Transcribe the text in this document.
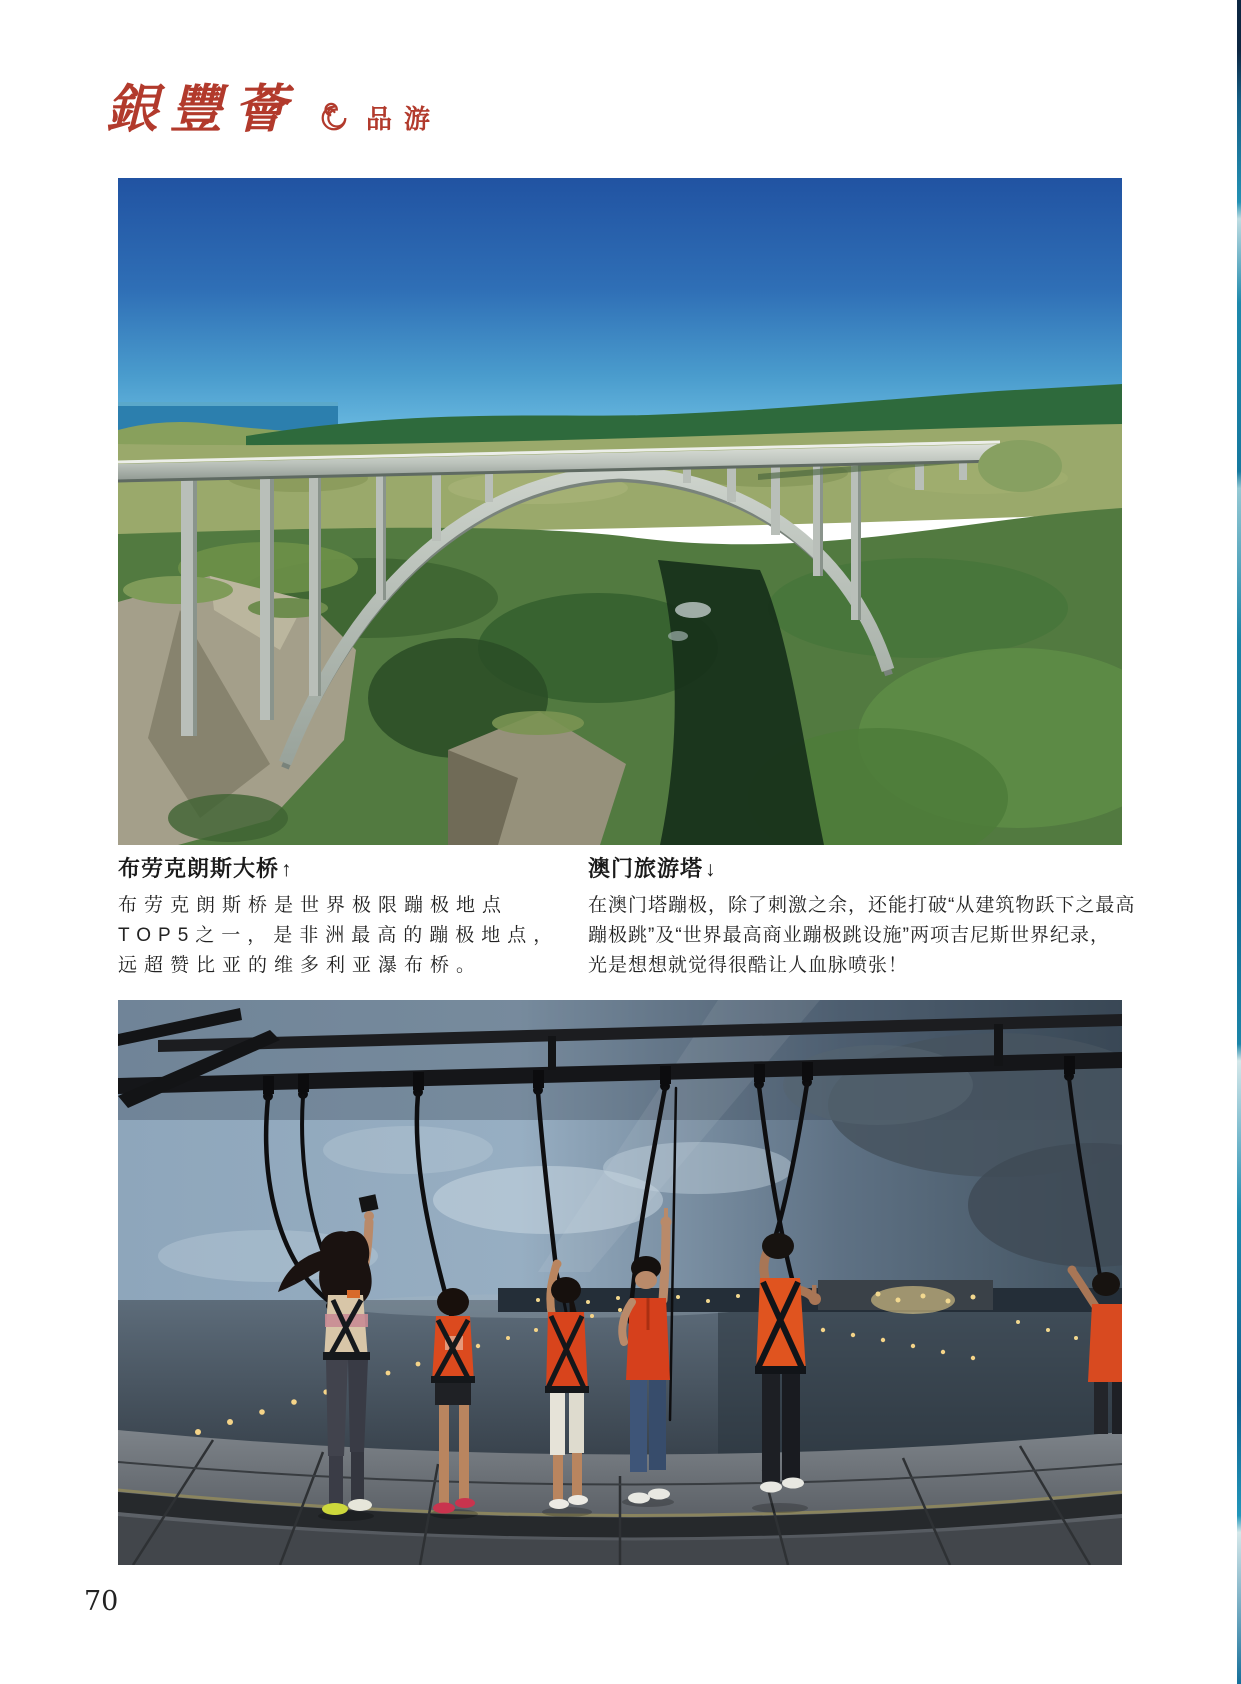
銀豐薈	品游
布劳克朗斯大桥↑
布劳克朗斯桥是世界极限蹦极地点
TOP5之一，是非洲最高的蹦极地点，
远超赞比亚的维多利亚瀑布桥。
澳门旅游塔↓
在澳门塔蹦极，除了刺激之余，还能打破“从建筑物跃下之最高
蹦极跳”及“世界最高商业蹦极跳设施”两项吉尼斯世界纪录，
光是想想就觉得很酷让人血脉喷张！
70
